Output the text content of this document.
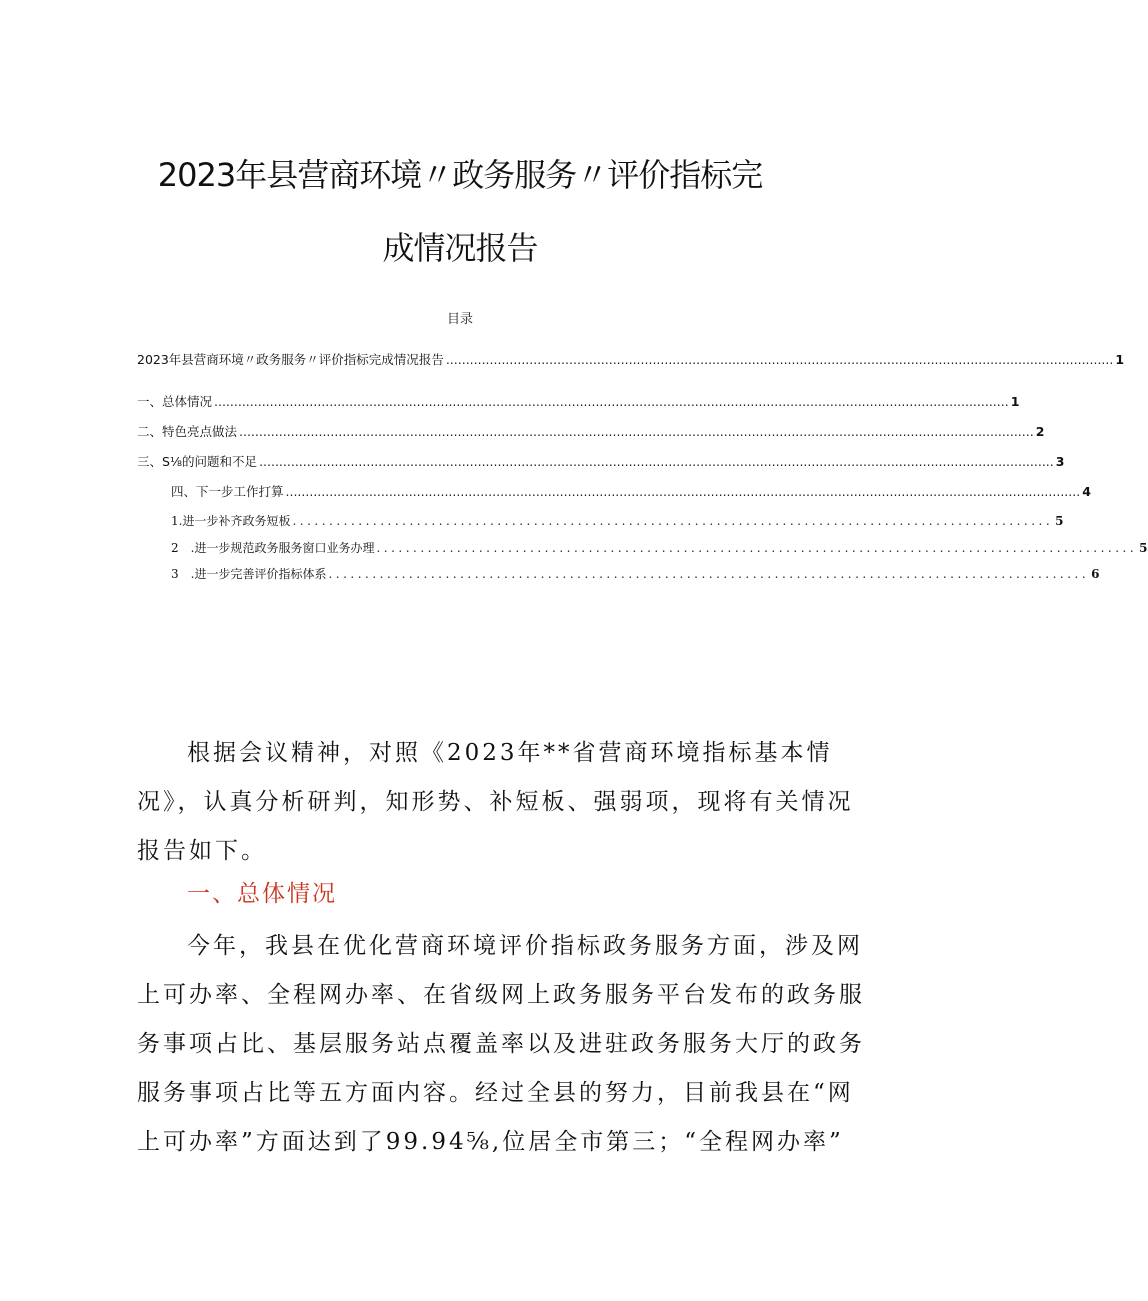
2023年县营商环境〃政务服务〃评价指标完
成情况报告
目录
2023年县营商环境〃政务服务〃评价指标完成情况报告 ........................................................................................................................................................................ 1
一、总体情况 ........................................................................................................................................................................................................ 1
二、特色亮点做法 ........................................................................................................................................................................................................ 2
三、S⅛的问题和不足 ........................................................................................................................................................................................................ 3
四、下一步工作打算 ........................................................................................................................................................................................................ 4
1.进一步补齐政务短板 ........................................................................................................ 5
2　.进一步规范政务服务窗口业务办理 ........................................................................................................ 5
3　.进一步完善评价指标体系 ........................................................................................................ 6
根据会议精神，对照《2023年**省营商环境指标基本情
况》，认真分析研判，知形势、补短板、强弱项，现将有关情况
报告如下。
一、总体情况
今年，我县在优化营商环境评价指标政务服务方面，涉及网
上可办率、全程网办率、在省级网上政务服务平台发布的政务服
务事项占比、基层服务站点覆盖率以及进驻政务服务大厅的政务
服务事项占比等五方面内容。经过全县的努力，目前我县在“网
上可办率”方面达到了99.94⅝,位居全市第三；“全程网办率”
